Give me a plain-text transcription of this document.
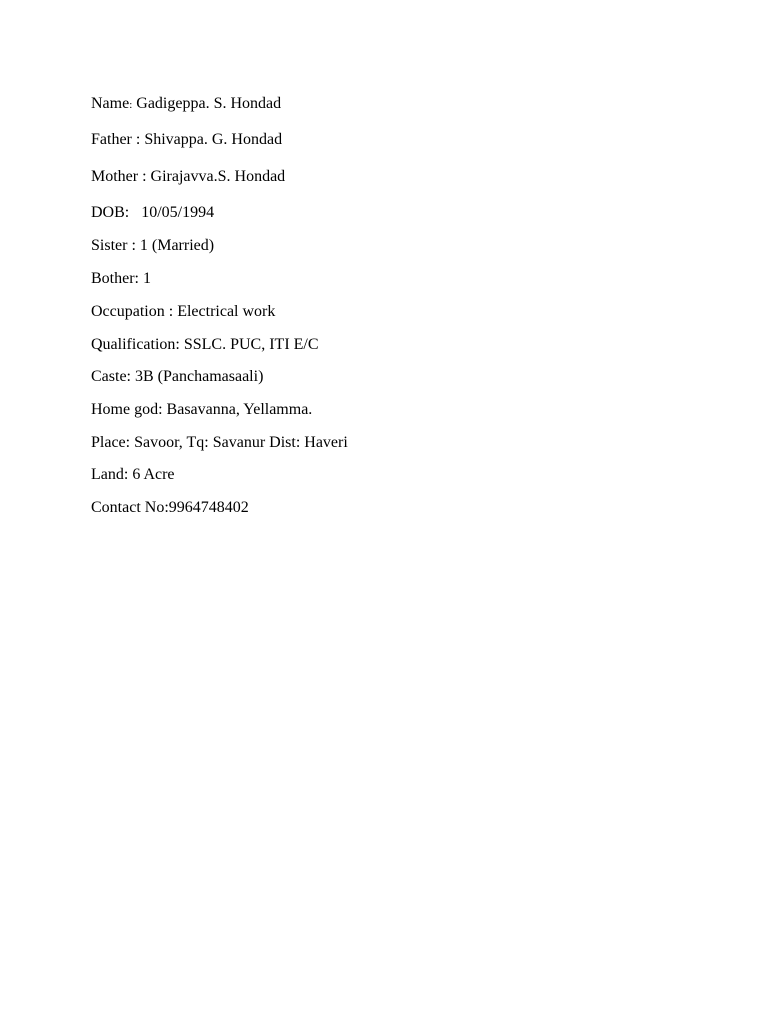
Name: Gadigeppa. S. Hondad
Father : Shivappa. G. Hondad
Mother : Girajavva.S. Hondad
DOB:   10/05/1994
Sister : 1 (Married)
Bother: 1
Occupation : Electrical work
Qualification: SSLC. PUC, ITI E/C
Caste: 3B (Panchamasaali)
Home god: Basavanna, Yellamma.
Place: Savoor, Tq: Savanur Dist: Haveri
Land: 6 Acre
Contact No:9964748402
